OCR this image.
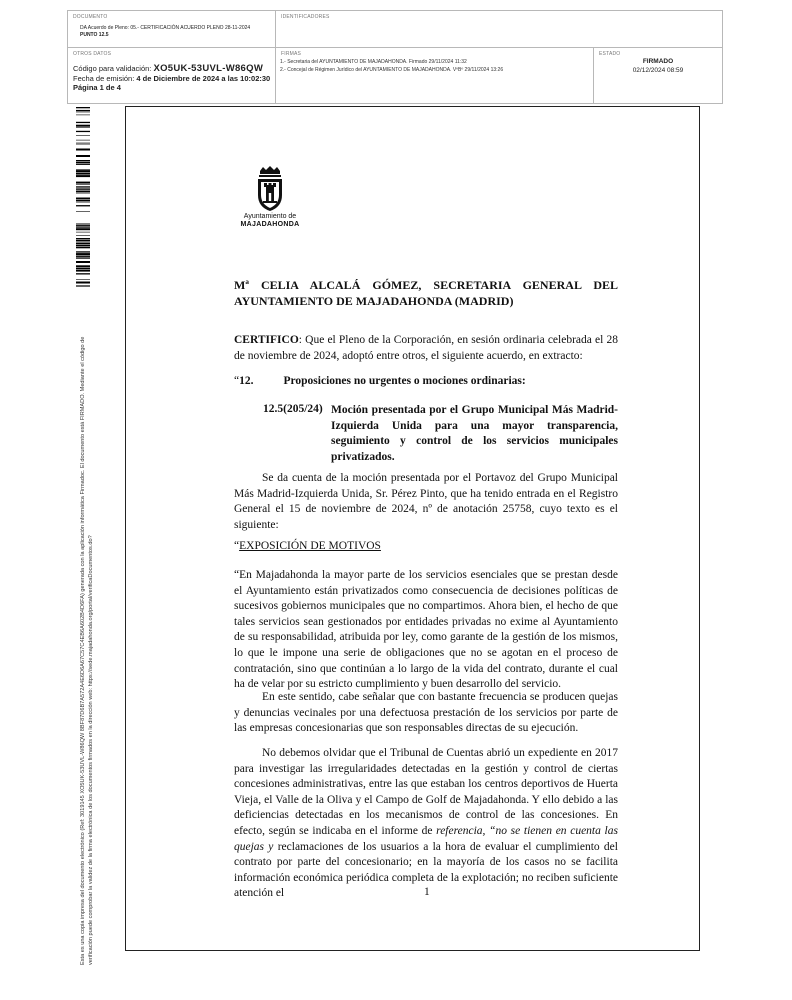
DOCUMENTO
DA Acuerdo de Pleno: 05.- CERTIFICACIÓN ACUERDO PLENO 28-11-2024
PUNTO 12.5
IDENTIFICADORES
OTROS DATOS
Código para validación: XO5UK-53UVL-W86QW
Fecha de emisión: 4 de Diciembre de 2024 a las 10:02:30
Página 1 de 4
FIRMAS
1.- Secretaria del AYUNTAMIENTO DE MAJADAHONDA. Firmado 29/11/2024 11:32
2.- Concejal de Régimen Jurídico del AYUNTAMIENTO DE MAJADAHONDA. VºBº 29/11/2024 13:26
ESTADO
FIRMADO
02/12/2024 08:59
Esta es una copia impresa del documento electrónico (Ref: 3019145 XO5UK-53UVL-W86QW 8BF87D6B7A572A4E6D6A67C57C4EB6A602B4D6FA) generada con la aplicación informática Firmadoc. El documento está FIRMADO. Mediante el código de verificación puede comprobar la validez de la firma electrónica de los documentos firmados en la dirección web: https://sede.majadahonda.org/portal/verificaDocumentos.do?
Ayuntamiento de
MAJADAHONDA
Mª CELIA ALCALÁ GÓMEZ, SECRETARIA GENERAL DEL AYUNTAMIENTO DE MAJADAHONDA (MADRID)
CERTIFICO: Que el Pleno de la Corporación, en sesión ordinaria celebrada el 28 de noviembre de 2024, adoptó entre otros, el siguiente acuerdo, en extracto:
“12.	Proposiciones no urgentes o mociones ordinarias:
12.5(205/24) Moción presentada por el Grupo Municipal Más Madrid-Izquierda Unida para una mayor transparencia, seguimiento y control de los servicios municipales privatizados.
Se da cuenta de la moción presentada por el Portavoz del Grupo Municipal Más Madrid-Izquierda Unida, Sr. Pérez Pinto, que ha tenido entrada en el Registro General el 15 de noviembre de 2024, nº de anotación 25758, cuyo texto es el siguiente:
“EXPOSICIÓN DE MOTIVOS
“En Majadahonda la mayor parte de los servicios esenciales que se prestan desde el Ayuntamiento están privatizados como consecuencia de decisiones políticas de sucesivos gobiernos municipales que no compartimos. Ahora bien, el hecho de que tales servicios sean gestionados por entidades privadas no exime al Ayuntamiento de su responsabilidad, atribuida por ley, como garante de la gestión de los mismos, lo que le impone una serie de obligaciones que no se agotan en el proceso de contratación, sino que continúan a lo largo de la vida del contrato, durante el cual ha de velar por su estricto cumplimiento y buen desarrollo del servicio.
En este sentido, cabe señalar que con bastante frecuencia se producen quejas y denuncias vecinales por una defectuosa prestación de los servicios por parte de las empresas concesionarias que son responsables directas de su ejecución.
No debemos olvidar que el Tribunal de Cuentas abrió un expediente en 2017 para investigar las irregularidades detectadas en la gestión y control de ciertas concesiones administrativas, entre las que estaban los centros deportivos de Huerta Vieja, el Valle de la Oliva y el Campo de Golf de Majadahonda. Y ello debido a las deficiencias detectadas en los mecanismos de control de las concesiones. En efecto, según se indicaba en el informe de referencia, “no se tienen en cuenta las quejas y reclamaciones de los usuarios a la hora de evaluar el cumplimiento del contrato por parte del concesionario; en la mayoría de los casos no se facilita información económica periódica completa de la explotación; no reciben suficiente atención el	1
